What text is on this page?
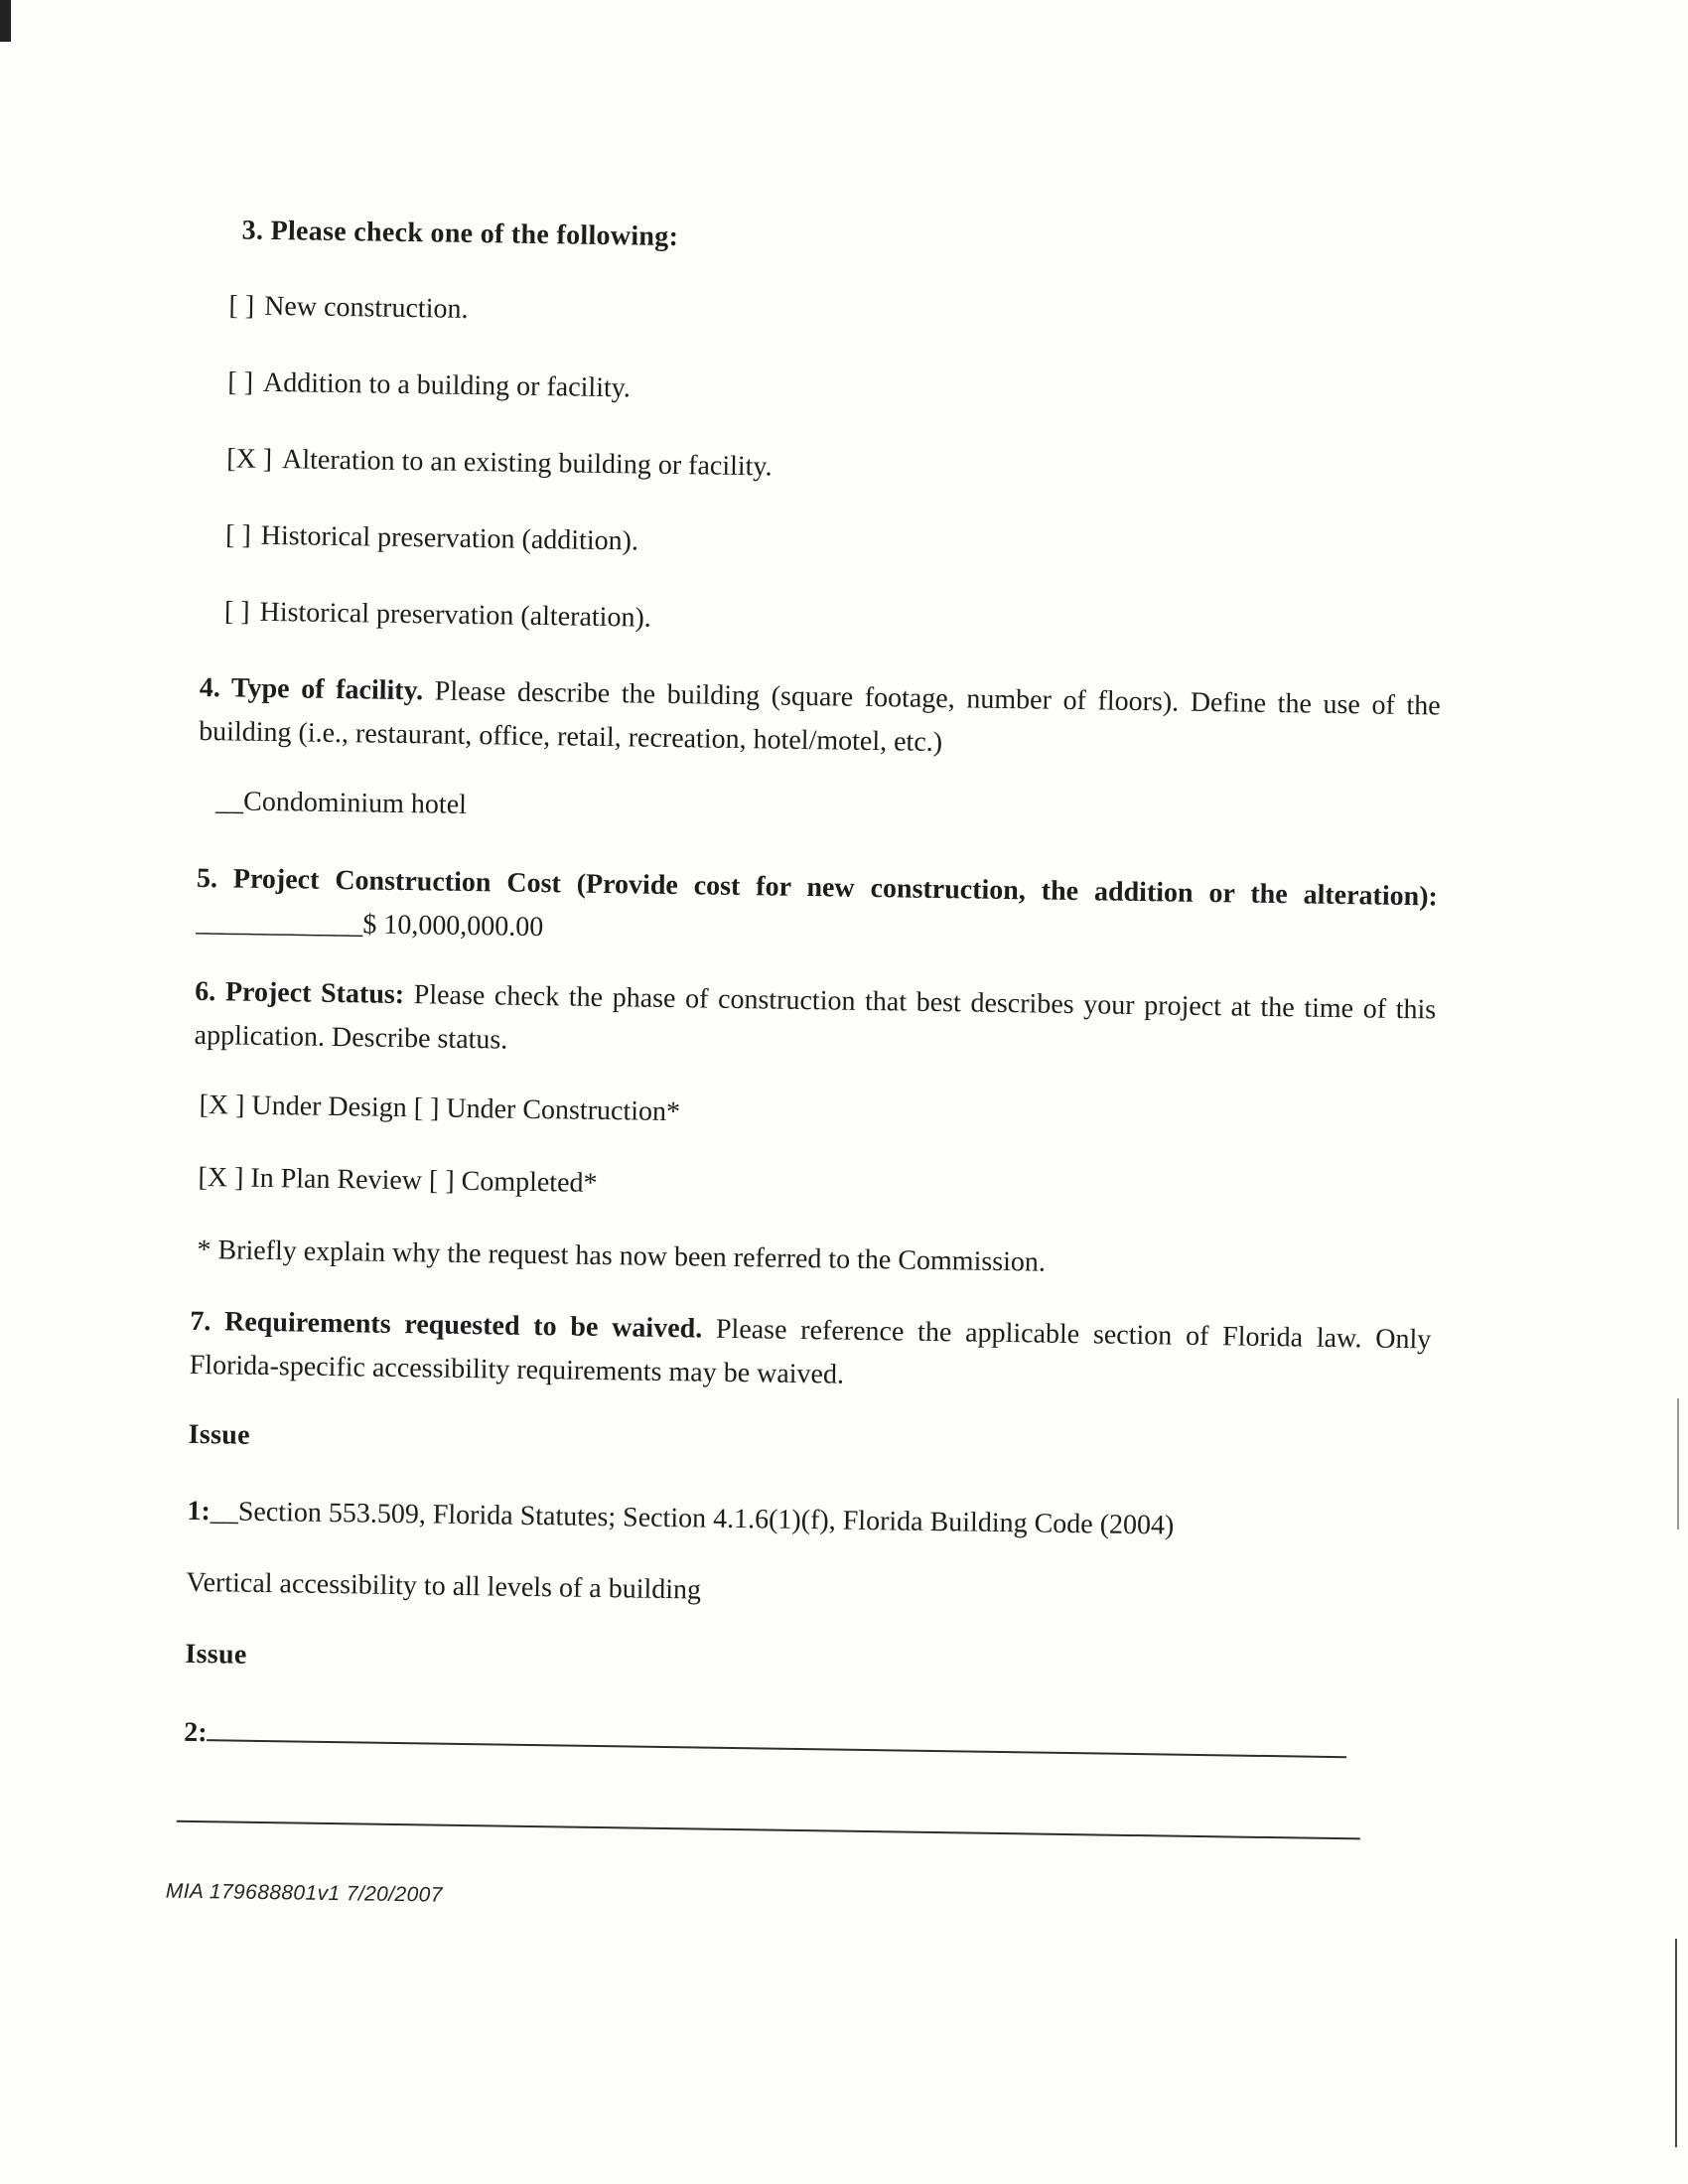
3. Please check one of the following:

[ ] New construction.

[ ] Addition to a building or facility.

[X ] Alteration to an existing building or facility.

[ ] Historical preservation (addition).

[ ] Historical preservation (alteration).

4. Type of facility. Please describe the building (square footage, number of floors). Define the use of the building (i.e., restaurant, office, retail, recreation, hotel/motel, etc.)

__Condominium hotel

5. Project Construction Cost (Provide cost for new construction, the addition or the alteration): ____________$ 10,000,000.00

6. Project Status: Please check the phase of construction that best describes your project at the time of this application. Describe status.

[X ] Under Design [ ] Under Construction*

[X ] In Plan Review [ ] Completed*

* Briefly explain why the request has now been referred to the Commission.

7. Requirements requested to be waived. Please reference the applicable section of Florida law. Only Florida-specific accessibility requirements may be waived.

Issue

1:__Section 553.509, Florida Statutes; Section 4.1.6(1)(f), Florida Building Code (2004)

Vertical accessibility to all levels of a building

Issue

2:

MIA 179688801v1 7/20/2007
